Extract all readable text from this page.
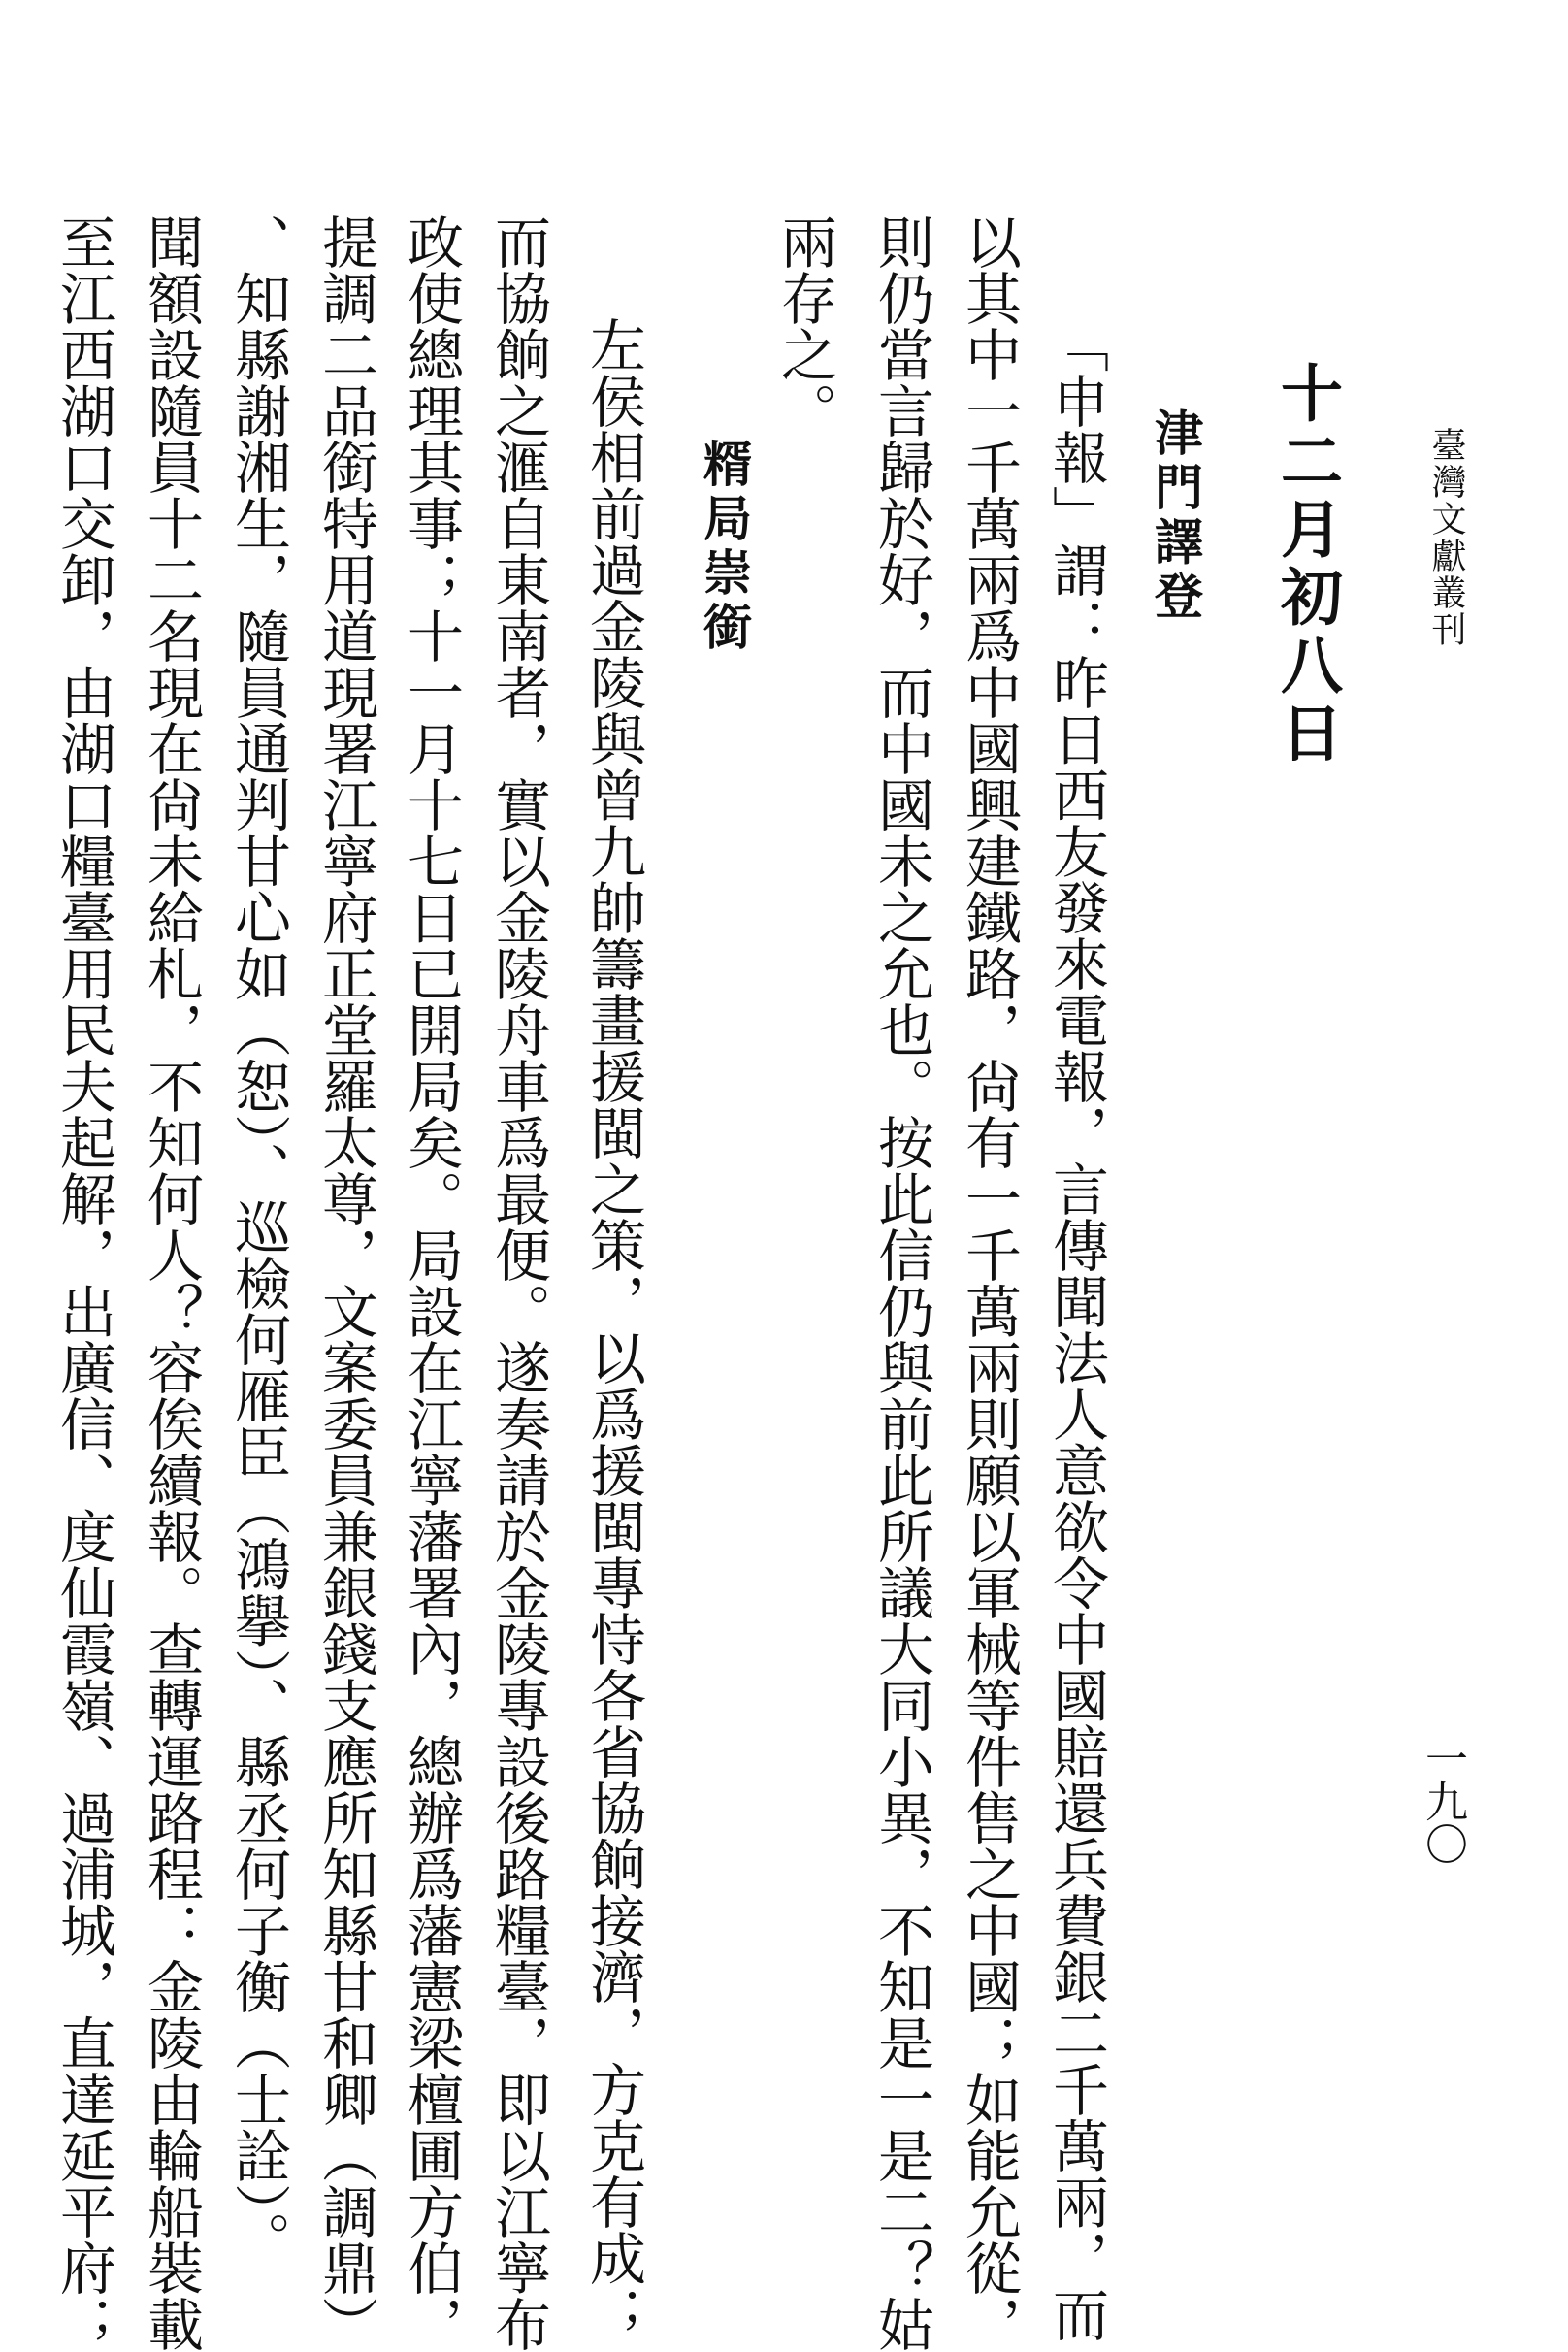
臺灣文獻叢刊
一九〇
十二月初八日
津門譯登
「申報」謂：昨日西友發來電報，言傳聞法人意欲令中國賠還兵費銀二千萬兩，而
以其中一千萬兩爲中國興建鐵路，尙有一千萬兩則願以軍械等件售之中國；如能允從，
則仍當言歸於好，而中國未之允也。按此信仍與前此所議大同小異，不知是一是二？姑
兩存之。
糈局崇銜
左侯相前過金陵與曾九帥籌畫援閩之策，以爲援閩專恃各省協餉接濟，方克有成；
而協餉之滙自東南者，實以金陵舟車爲最便。遂奏請於金陵專設後路糧臺，即以江寧布
政使總理其事；十一月十七日已開局矣。局設在江寧藩署內，總辦爲藩憲梁檀圃方伯，
提調二品銜特用道現署江寧府正堂羅太尊，文案委員兼銀錢支應所知縣甘和卿（調鼎）
、知縣謝湘生，隨員通判甘心如（恕）、巡檢何雁臣（鴻擧）、縣丞何子衡（士詮）。
聞額設隨員十二名現在尙未給札，不知何人？容俟續報。查轉運路程：金陵由輪船裝載
至江西湖口交卸，由湖口糧臺用民夫起解，出廣信、度仙霞嶺、過浦城，直達延平府；
